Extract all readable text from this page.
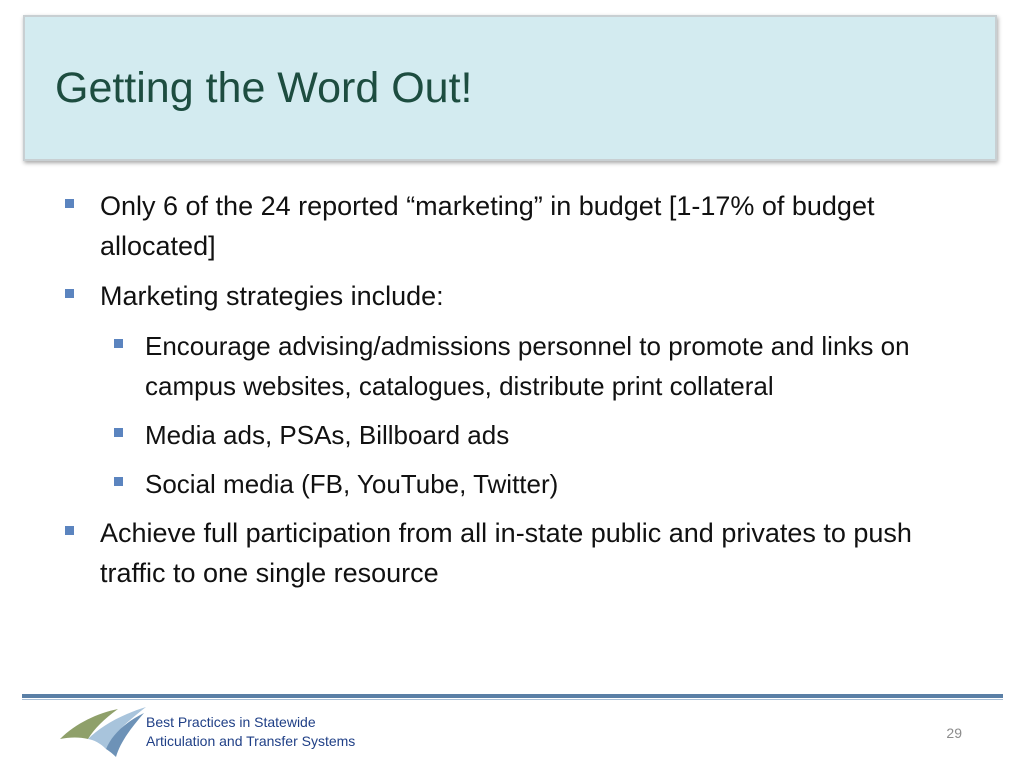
Getting the Word Out!
Only 6 of the 24 reported “marketing” in budget [1-17% of budget allocated]
Marketing strategies include:
Encourage advising/admissions personnel to promote and links on campus websites, catalogues, distribute print collateral
Media ads, PSAs, Billboard ads
Social media (FB, YouTube, Twitter)
Achieve full participation from all in-state public and privates to push traffic to one single resource
Best Practices in Statewide
Articulation and Transfer Systems	29
